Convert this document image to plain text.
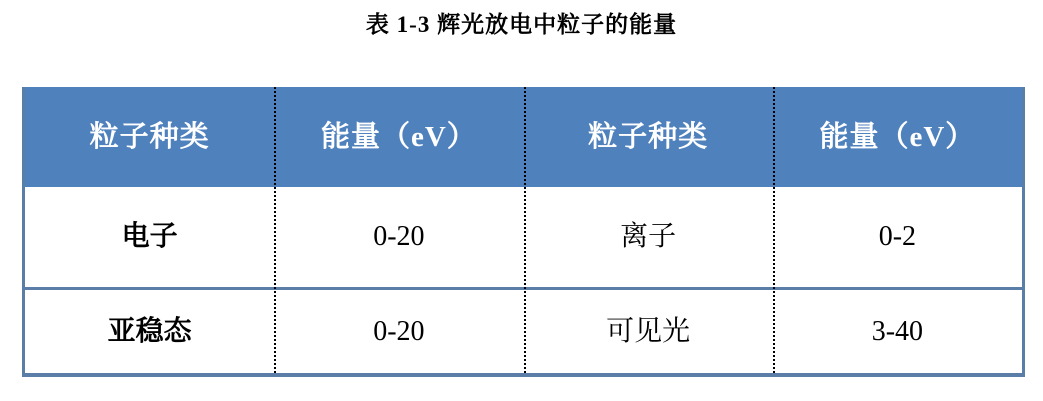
表 1-3 辉光放电中粒子的能量
粒子种类	能量（eV）	粒子种类	能量（eV）
电子	0-20	离子	0-2
亚稳态	0-20	可见光	3-40
